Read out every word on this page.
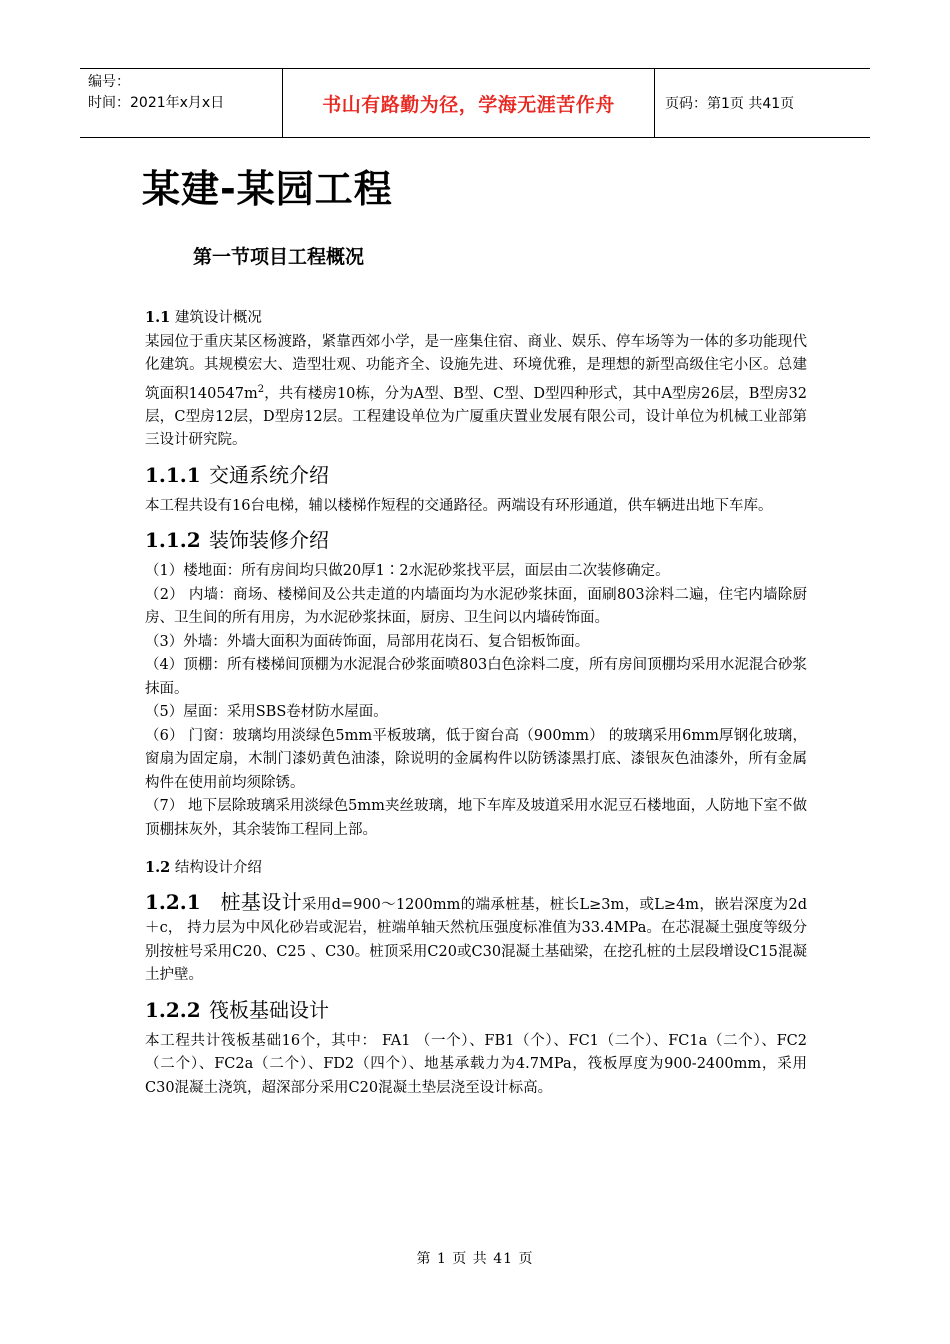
编号：
时间：2021年x月x日	书山有路勤为径，学海无涯苦作舟	页码：第1页 共41页
某建-某园工程
第一节项目工程概况

1.1 建筑设计概况

某园位于重庆某区杨渡路，紧靠西郊小学，是一座集住宿、商业、娱乐、停车场等为一体的多功能现代化建筑。其规模宏大、造型壮观、功能齐全、设施先进、环境优雅，是理想的新型高级住宅小区。总建筑面积$140547m^2$，共有楼房10栋，分为A型、B型、C型、D型四种形式，其中A型房26层，B型房32层，C型房12层，D型房12层。工程建设单位为广厦重庆置业发展有限公司，设计单位为机械工业部第三设计研究院。

1.1.1 交通系统介绍

本工程共设有16台电梯，辅以楼梯作短程的交通路径。两端设有环形通道，供车辆进出地下车库。

1.1.2 装饰装修介绍

（1）楼地面：所有房间均只做20厚1∶2水泥砂浆找平层，面层由二次装修确定。

（2） 内墙：商场、楼梯间及公共走道的内墙面均为水泥砂浆抹面，面刷803涂料二遍，住宅内墙除厨房、卫生间的所有用房，为水泥砂浆抹面，厨房、卫生问以内墙砖饰面。

（3）外墙：外墙大面积为面砖饰面，局部用花岗石、复合铝板饰面。

（4）顶棚：所有楼梯间顶棚为水泥混合砂浆面喷803白色涂料二度，所有房间顶棚均采用水泥混合砂浆抹面。

（5）屋面：采用SBS卷材防水屋面。

（6） 门窗：玻璃均用淡绿色5mm平板玻璃，低于窗台高（900mm） 的玻璃采用6mm厚钢化玻璃，窗扇为固定扇，木制门漆奶黄色油漆，除说明的金属构件以防锈漆黑打底、漆银灰色油漆外，所有金属构件在使用前均须除锈。

（7） 地下层除玻璃采用淡绿色5mm夹丝玻璃，地下车库及坡道采用水泥豆石楼地面，人防地下室不做顶棚抹灰外，其余装饰工程同上部。

1.2 结构设计介绍

1.2.1 桩基设计采用d=900～1200mm的端承桩基，桩长L≥3m，或L≥4m，嵌岩深度为2d＋c， 持力层为中风化砂岩或泥岩，桩端单轴天然杭压强度标准值为33.4MPa。在芯混凝土强度等级分别按桩号采用C20、C25 、C30。桩顶采用C20或C30混凝土基础梁，在挖孔桩的土层段增设C15混凝土护壁。

1.2.2 筏板基础设计

本工程共计筏板基础16个，其中： FA1 （一个）、FB1（个）、FC1（二个）、FC1a（二个）、FC2（二个）、FC2a（二个）、FD2（四个）、地基承载力为4.7MPa，筏板厚度为900-2400mm，采用C30混凝土浇筑，超深部分采用C20混凝土垫层浇至设计标高。

第 1 页 共 41 页
